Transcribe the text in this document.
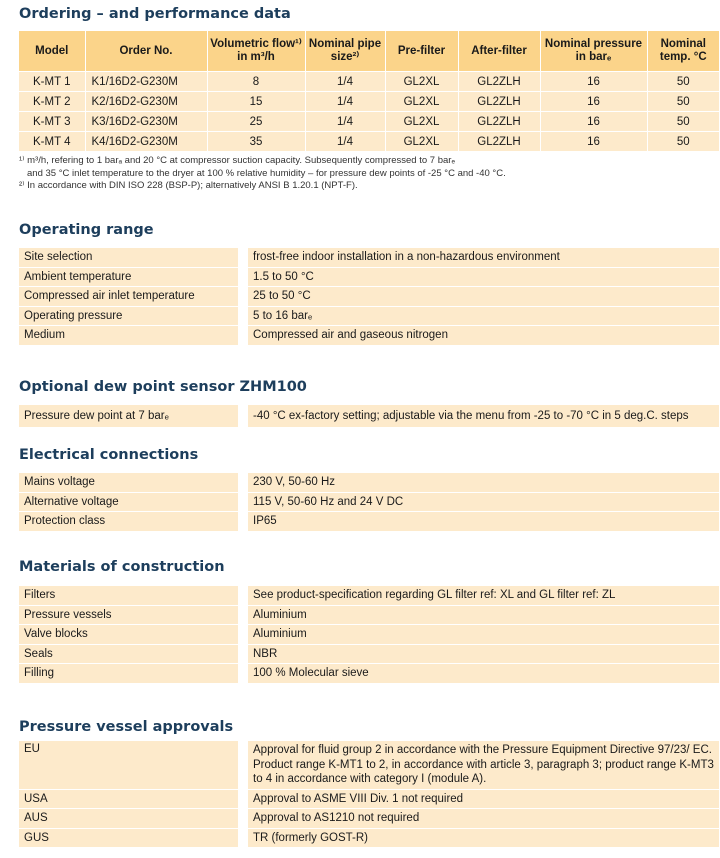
Ordering – and performance data
Model	Order No.	Volumetric flow¹⁾ in m³/h	Nominal pipe size²⁾	Pre-filter	After-filter	Nominal pressure in barₑ	Nominal temp. °C
K-MT 1	K1/16D2-G230M	8	1/4	GL2XL	GL2ZLH	16	50
K-MT 2	K2/16D2-G230M	15	1/4	GL2XL	GL2ZLH	16	50
K-MT 3	K3/16D2-G230M	25	1/4	GL2XL	GL2ZLH	16	50
K-MT 4	K4/16D2-G230M	35	1/4	GL2XL	GL2ZLH	16	50

¹⁾ m³/h, refering to 1 barₐ and 20 °C at compressor suction capacity. Subsequently compressed to 7 barₑ

and 35 °C inlet temperature to the dryer at 100 % relative humidity – for pressure dew points of -25 °C and -40 °C.

²⁾ In accordance with DIN ISO 228 (BSP-P); alternatively ANSI B 1.20.1 (NPT-F).

Operating range
Site selection	frost-free indoor installation in a non-hazardous environment
Ambient temperature	1.5 to 50 °C
Compressed air inlet temperature	25 to 50 °C
Operating pressure	5 to 16 barₑ
Medium	Compressed air and gaseous nitrogen
Optional dew point sensor ZHM100
Pressure dew point at 7 barₑ	-40 °C ex-factory setting; adjustable via the menu from -25 to -70 °C in 5 deg.C. steps
Electrical connections
Mains voltage	230 V, 50-60 Hz
Alternative voltage	115 V, 50-60 Hz and 24 V DC
Protection class	IP65
Materials of construction
Filters	See product-specification regarding GL filter ref: XL and GL filter ref: ZL
Pressure vessels	Aluminium
Valve blocks	Aluminium
Seals	NBR
Filling	100 % Molecular sieve
Pressure vessel approvals
EU	Approval for fluid group 2 in accordance with the Pressure Equipment Directive 97/23/ EC. Product range K-MT1 to 2, in accordance with article 3, paragraph 3; product range K-MT3 to 4 in accordance with category I (module A).
USA	Approval to ASME VIII Div. 1 not required
AUS	Approval to AS1210 not required
GUS	TR (formerly GOST-R)
